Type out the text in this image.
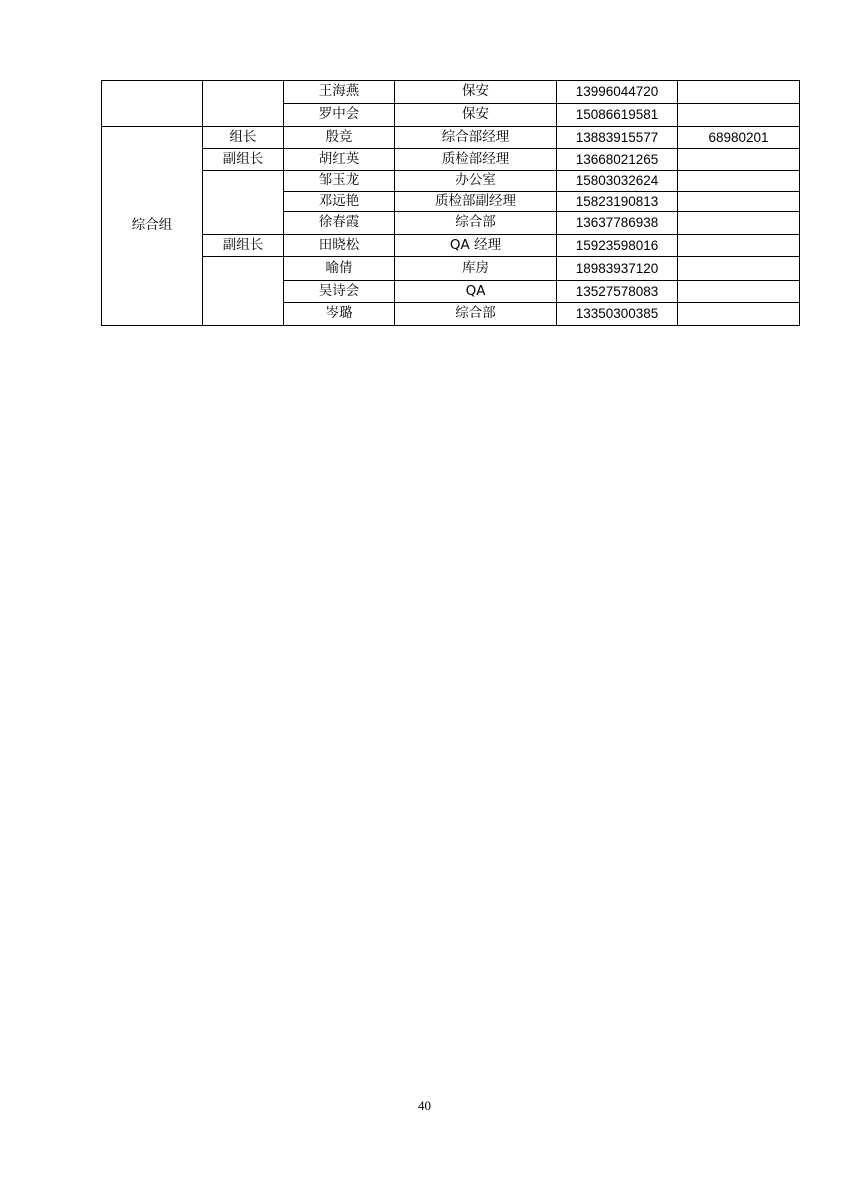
		王海燕	保安	13996044720	
		罗中会	保安	15086619581	
综合组	组长	殷竞	综合部经理	13883915577	68980201
	副组长	胡红英	质检部经理	13668021265	
		邹玉龙	办公室	15803032624	
		邓远艳	质检部副经理	15823190813	
		徐春霞	综合部	13637786938	
	副组长	田晓松	QA 经理	15923598016	
		喻倩	库房	18983937120	
		吴诗会	QA	13527578083	
		岑璐	综合部	13350300385	
40
